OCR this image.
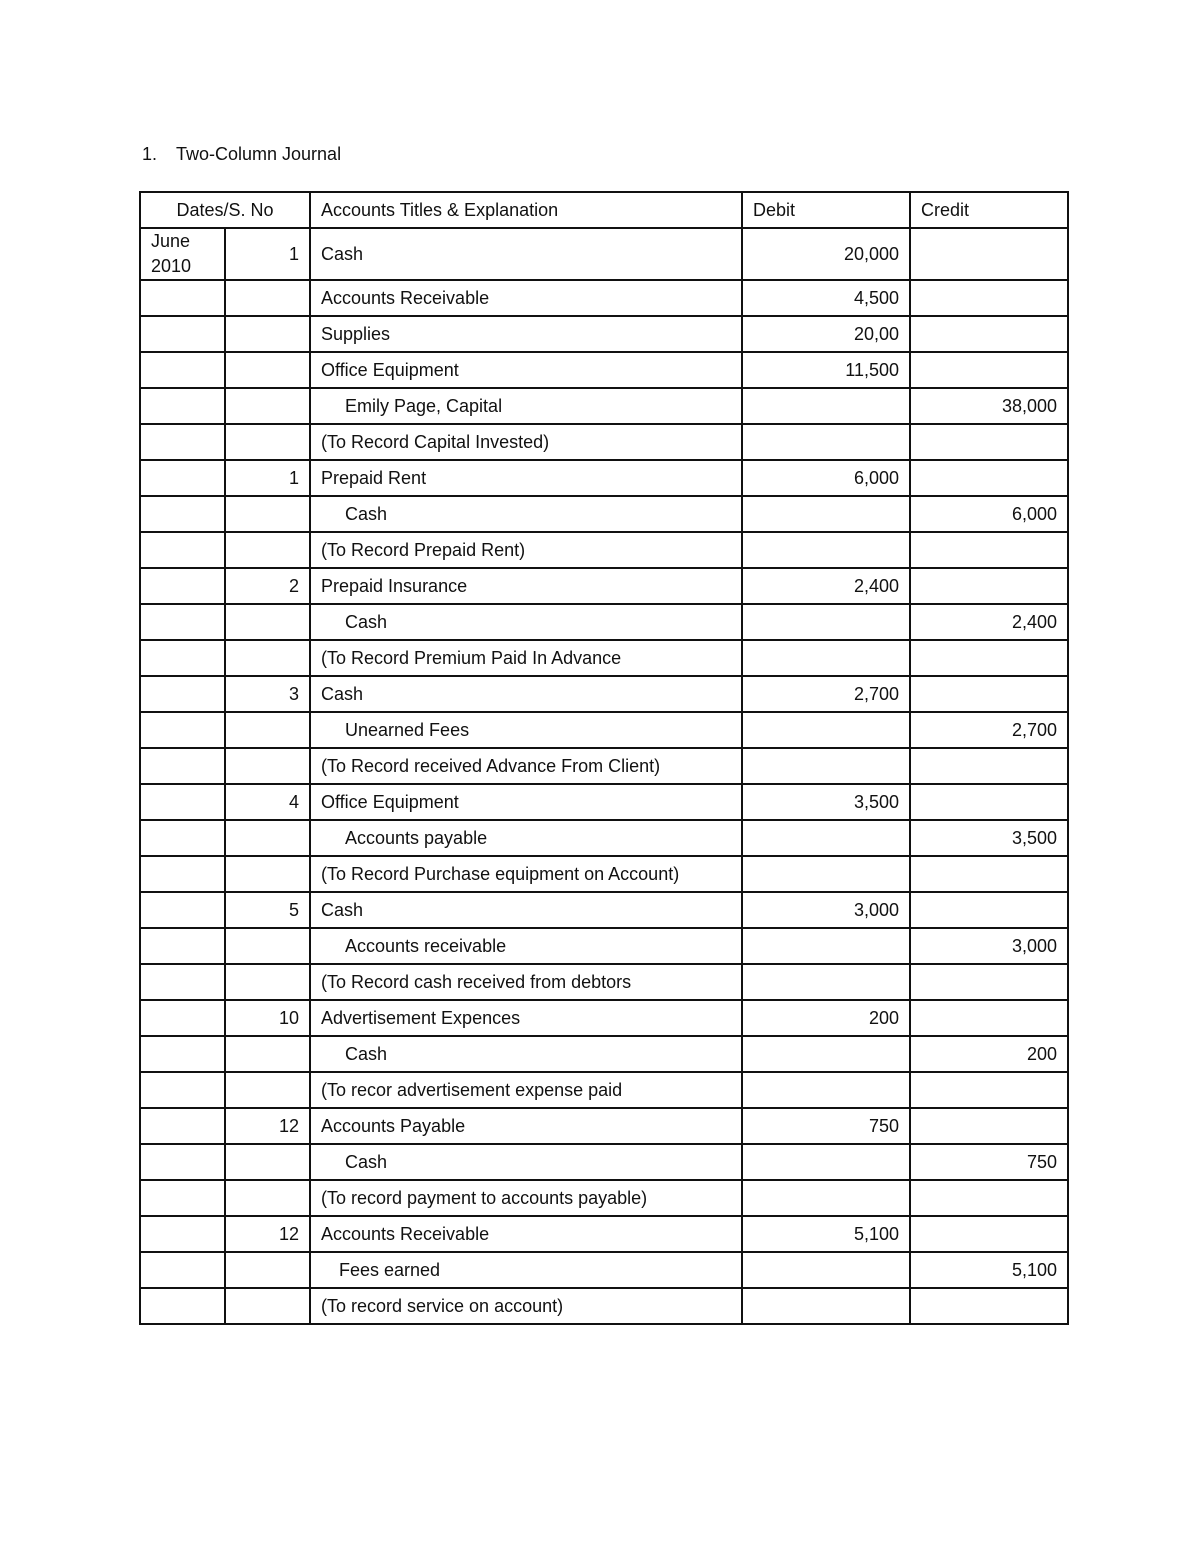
1. Two-Column Journal
Dates/S. No		Accounts Titles & Explanation	Debit	Credit

June
2010	1	Cash	20,000	
		Accounts Receivable	4,500	
		Supplies	20,00	
		Office Equipment	11,500	
		Emily Page, Capital		38,000
		(To Record Capital Invested)		
	1	Prepaid Rent	6,000	
		Cash		6,000
		(To Record Prepaid Rent)		
	2	Prepaid Insurance	2,400	
		Cash		2,400
		(To Record Premium Paid In Advance		
	3	Cash	2,700	
		Unearned Fees		2,700
		(To Record received Advance From Client)		
	4	Office Equipment	3,500	
		Accounts payable		3,500
		(To Record Purchase equipment on Account)		
	5	Cash	3,000	
		Accounts receivable		3,000
		(To Record cash received from debtors		
	10	Advertisement Expences	200	
		Cash		200
		(To recor advertisement expense paid		
	12	Accounts Payable	750	
		Cash		750
		(To record payment to accounts payable)		
	12	Accounts Receivable	5,100	
		Fees earned		5,100
		(To record service on account)		
